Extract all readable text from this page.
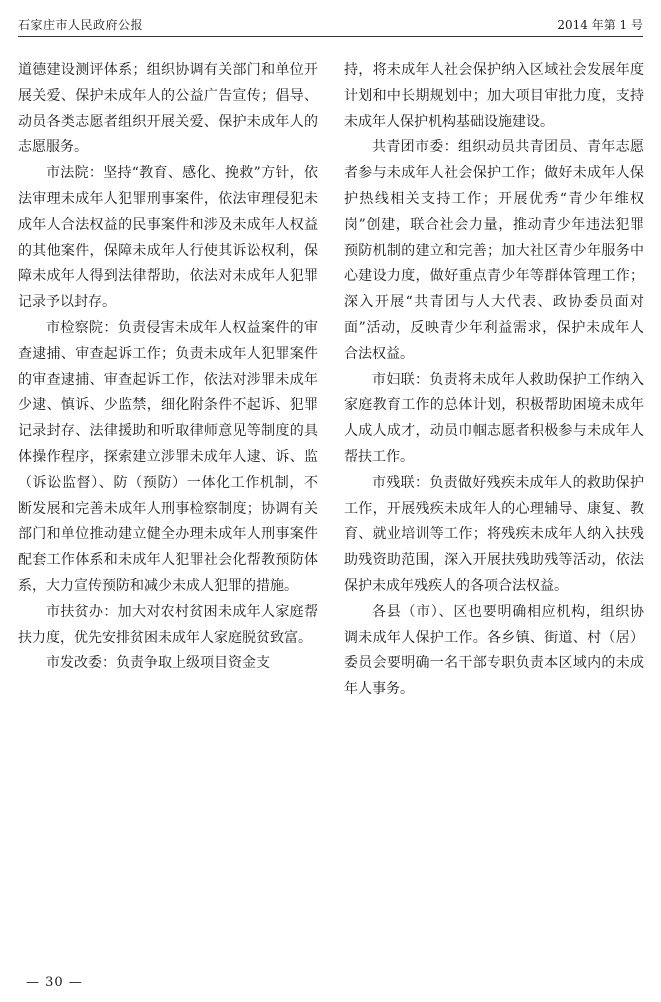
石家庄市人民政府公报	2014 年第 1 号

道德建设测评体系；组织协调有关部门和单位开展关爱、保护未成年人的公益广告宣传；倡导、动员各类志愿者组织开展关爱、保护未成年人的志愿服务。

市法院：坚持“教育、感化、挽救”方针，依法审理未成年人犯罪刑事案件，依法审理侵犯未成年人合法权益的民事案件和涉及未成年人权益的其他案件，保障未成年人行使其诉讼权利，保障未成年人得到法律帮助，依法对未成年人犯罪记录予以封存。

市检察院：负责侵害未成年人权益案件的审查逮捕、审查起诉工作；负责未成年人犯罪案件的审查逮捕、审查起诉工作，依法对涉罪未成年少逮、慎诉、少监禁，细化附条件不起诉、犯罪记录封存、法律援助和听取律师意见等制度的具体操作程序，探索建立涉罪未成年人逮、诉、监（诉讼监督）、防（预防）一体化工作机制，不断发展和完善未成年人刑事检察制度；协调有关部门和单位推动建立健全办理未成年人刑事案件配套工作体系和未成年人犯罪社会化帮教预防体系，大力宣传预防和减少未成人犯罪的措施。

市扶贫办：加大对农村贫困未成年人家庭帮扶力度，优先安排贫困未成年人家庭脱贫致富。

市发改委：负责争取上级项目资金支

持，将未成年人社会保护纳入区域社会发展年度计划和中长期规划中；加大项目审批力度，支持未成年人保护机构基础设施建设。

共青团市委：组织动员共青团员、青年志愿者参与未成年人社会保护工作；做好未成年人保护热线相关支持工作；开展优秀“青少年维权岗”创建，联合社会力量，推动青少年违法犯罪预防机制的建立和完善；加大社区青少年服务中心建设力度，做好重点青少年等群体管理工作；深入开展“共青团与人大代表、政协委员面对面”活动，反映青少年利益需求，保护未成年人合法权益。

市妇联：负责将未成年人救助保护工作纳入家庭教育工作的总体计划，积极帮助困境未成年人成人成才，动员巾帼志愿者积极参与未成年人帮扶工作。

市残联：负责做好残疾未成年人的救助保护工作，开展残疾未成年人的心理辅导、康复、教育、就业培训等工作；将残疾未成年人纳入扶残助残资助范围，深入开展扶残助残等活动，依法保护未成年残疾人的各项合法权益。

各县（市）、区也要明确相应机构，组织协调未成年人保护工作。各乡镇、街道、村（居）委员会要明确一名干部专职负责本区域内的未成年人事务。

— 30 —
